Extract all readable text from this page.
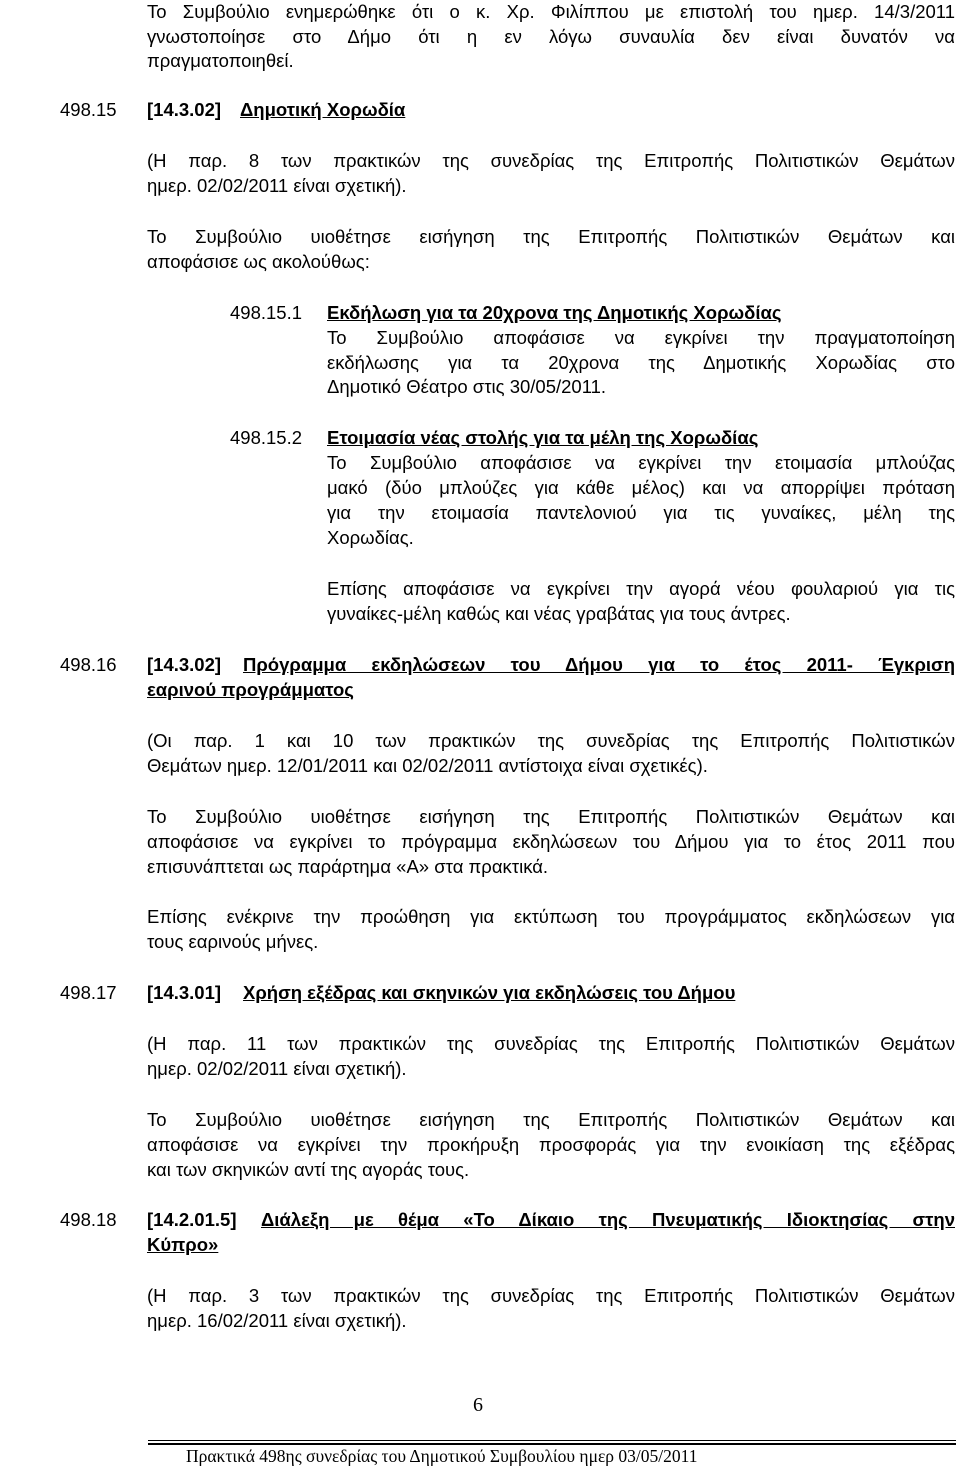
Το Συμβούλιο ενημερώθηκε ότι ο κ. Χρ. Φιλίππου με επιστολή του ημερ. 14/3/2011
γνωστοποίησε στο Δήμο ότι η εν λόγω συναυλία δεν είναι δυνατόν να
πραγματοποιηθεί.
498.15 [14.3.02] Δημοτική Χορωδία
(Η παρ. 8 των πρακτικών της συνεδρίας της Επιτροπής Πολιτιστικών Θεμάτων
ημερ. 02/02/2011 είναι σχετική).
Το Συμβούλιο υιοθέτησε εισήγηση της Επιτροπής Πολιτιστικών Θεμάτων και
αποφάσισε ως ακολούθως:
498.15.1 Εκδήλωση για τα 20χρονα της Δημοτικής Χορωδίας
Το Συμβούλιο αποφάσισε να εγκρίνει την πραγματοποίηση
εκδήλωσης για τα 20χρονα της Δημοτικής Χορωδίας στο
Δημοτικό Θέατρο στις 30/05/2011.
498.15.2 Ετοιμασία νέας στολής για τα μέλη της Χορωδίας
Το Συμβούλιο αποφάσισε να εγκρίνει την ετοιμασία μπλούζας
μακό (δύο μπλούζες για κάθε μέλος) και να απορρίψει πρόταση
για την ετοιμασία παντελονιού για τις γυναίκες, μέλη της
Χορωδίας.
Επίσης αποφάσισε να εγκρίνει την αγορά νέου φουλαριού για τις
γυναίκες-μέλη καθώς και νέας γραβάτας για τους άντρες.
498.16 [14.3.02] Πρόγραμμα εκδηλώσεων του Δήμου για το έτος 2011- Έγκριση
εαρινού προγράμματος
(Οι παρ. 1 και 10 των πρακτικών της συνεδρίας της Επιτροπής Πολιτιστικών
Θεμάτων ημερ. 12/01/2011 και 02/02/2011 αντίστοιχα είναι σχετικές).
Το Συμβούλιο υιοθέτησε εισήγηση της Επιτροπής Πολιτιστικών Θεμάτων και
αποφάσισε να εγκρίνει το πρόγραμμα εκδηλώσεων του Δήμου για το έτος 2011 που
επισυνάπτεται ως παράρτημα «Α» στα πρακτικά.
Επίσης ενέκρινε την προώθηση για εκτύπωση του προγράμματος εκδηλώσεων για
τους εαρινούς μήνες.
498.17 [14.3.01] Χρήση εξέδρας και σκηνικών για εκδηλώσεις του Δήμου
(Η παρ. 11 των πρακτικών της συνεδρίας της Επιτροπής Πολιτιστικών Θεμάτων
ημερ. 02/02/2011 είναι σχετική).
Το Συμβούλιο υιοθέτησε εισήγηση της Επιτροπής Πολιτιστικών Θεμάτων και
αποφάσισε να εγκρίνει την προκήρυξη προσφοράς για την ενοικίαση της εξέδρας
και των σκηνικών αντί της αγοράς τους.
498.18 [14.2.01.5] Διάλεξη με θέμα «Το Δίκαιο της Πνευματικής Ιδιοκτησίας στην
Κύπρο»
(Η παρ. 3 των πρακτικών της συνεδρίας της Επιτροπής Πολιτιστικών Θεμάτων
ημερ. 16/02/2011 είναι σχετική).
6
Πρακτικά 498ης συνεδρίας του Δημοτικού Συμβουλίου ημερ 03/05/2011
